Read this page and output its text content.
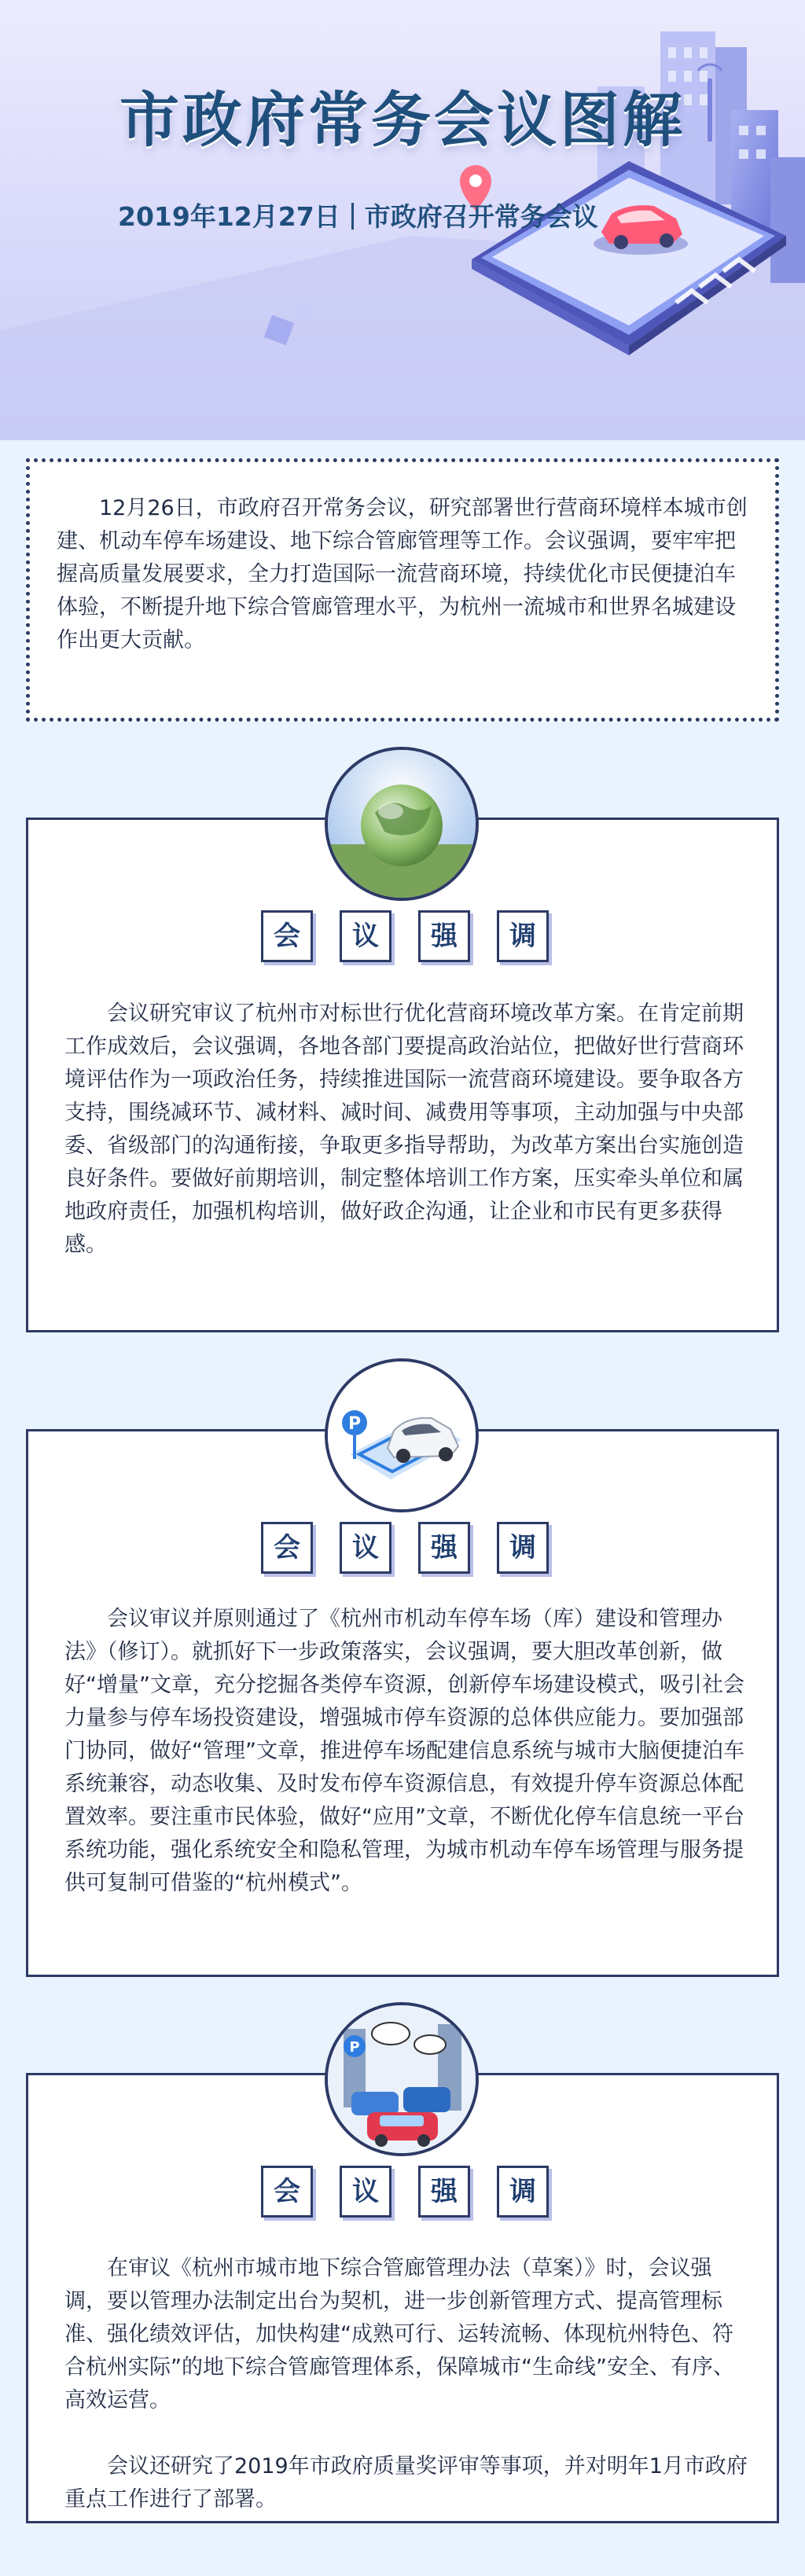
市政府常务会议图解
2019年12月27日 市政府召开常务会议

12月26日，市政府召开常务会议，研究部署世行营商环境样本城市创建、机动车停车场建设、地下综合管廊管理等工作。会议强调，要牢牢把握高质量发展要求，全力打造国际一流营商环境，持续优化市民便捷泊车体验，不断提升地下综合管廊管理水平，为杭州一流城市和世界名城建设作出更大贡献。

会 议 强 调

会议研究审议了杭州市对标世行优化营商环境改革方案。在肯定前期工作成效后，会议强调，各地各部门要提高政治站位，把做好世行营商环境评估作为一项政治任务，持续推进国际一流营商环境建设。要争取各方支持，围绕减环节、减材料、减时间、减费用等事项，主动加强与中央部委、省级部门的沟通衔接，争取更多指导帮助，为改革方案出台实施创造良好条件。要做好前期培训，制定整体培训工作方案，压实牵头单位和属地政府责任，加强机构培训，做好政企沟通，让企业和市民有更多获得感。

会 议 强 调

会议审议并原则通过了《杭州市机动车停车场（库）建设和管理办法》（修订）。就抓好下一步政策落实，会议强调，要大胆改革创新，做好“增量”文章，充分挖掘各类停车资源，创新停车场建设模式，吸引社会力量参与停车场投资建设，增强城市停车资源的总体供应能力。要加强部门协同，做好“管理”文章，推进停车场配建信息系统与城市大脑便捷泊车系统兼容，动态收集、及时发布停车资源信息，有效提升停车资源总体配置效率。要注重市民体验，做好“应用”文章，不断优化停车信息统一平台系统功能，强化系统安全和隐私管理，为城市机动车停车场管理与服务提供可复制可借鉴的“杭州模式”。

P
会 议 强 调

在审议《杭州市城市地下综合管廊管理办法（草案）》时，会议强调，要以管理办法制定出台为契机，进一步创新管理方式、提高管理标准、强化绩效评估，加快构建“成熟可行、运转流畅、体现杭州特色、符合杭州实际”的地下综合管廊管理体系，保障城市“生命线”安全、有序、高效运营。

会议还研究了2019年市政府质量奖评审等事项，并对明年1月市政府重点工作进行了部署。

P
